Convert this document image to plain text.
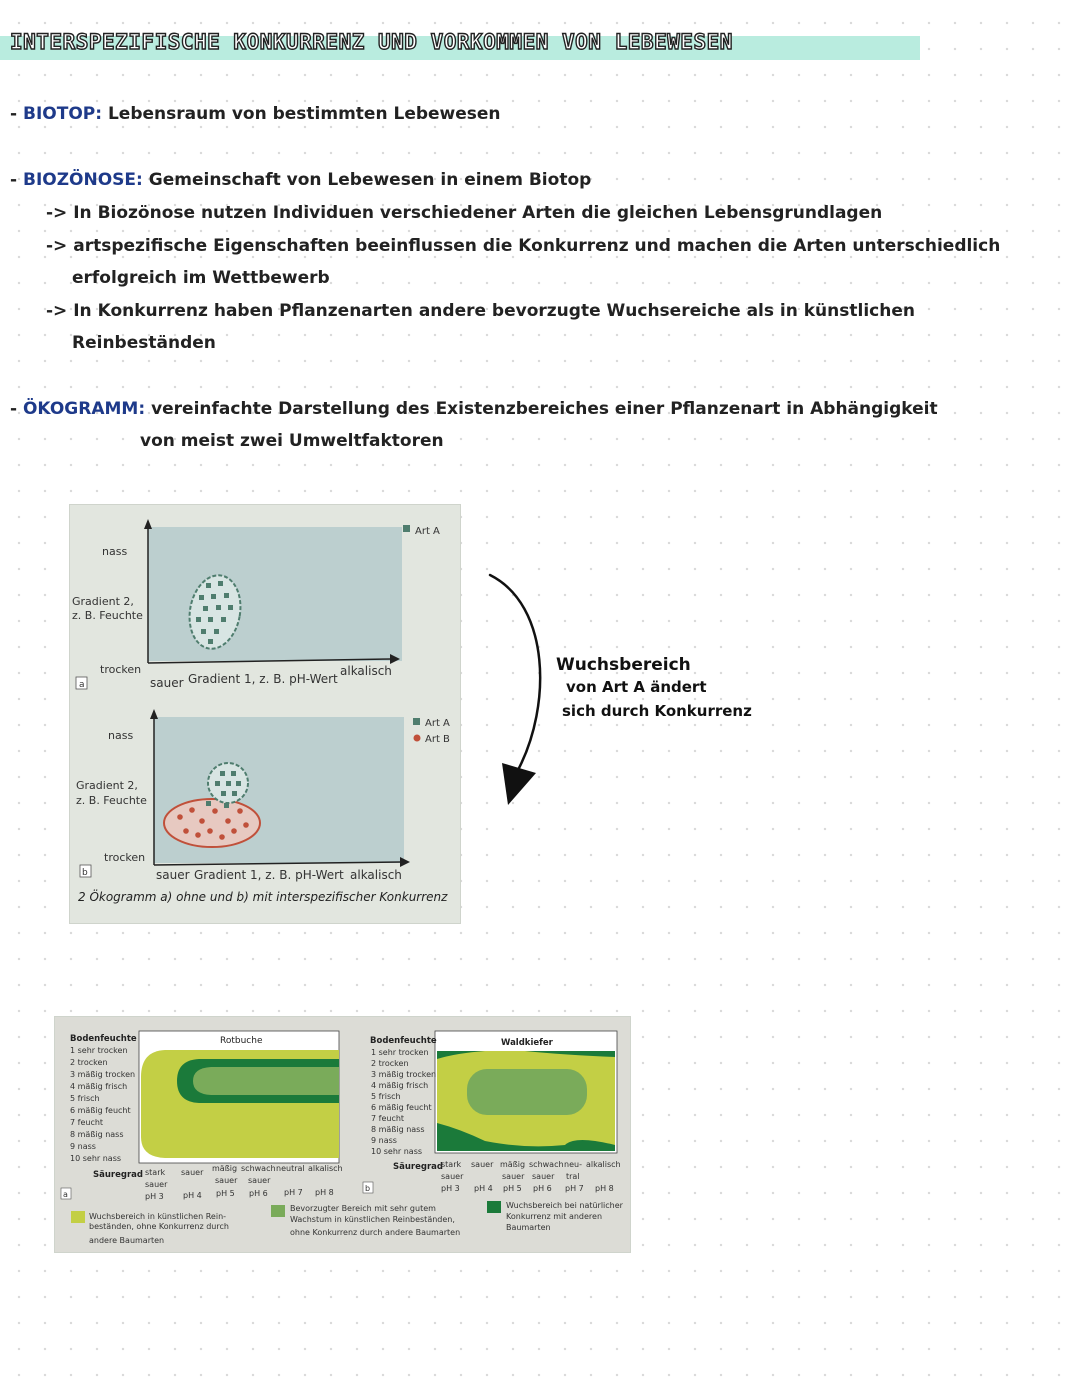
INTERSPEZIFISCHE KONKURRENZ UND VORKOMMEN VON LEBEWESEN
- BIOTOP: Lebensraum von bestimmten Lebewesen
- BIOZÖNOSE: Gemeinschaft von Lebewesen in einem Biotop
-> In Biozönose nutzen Individuen verschiedener Arten die gleichen Lebensgrundlagen
-> artspezifische Eigenschaften beeinflussen die Konkurrenz und machen die Arten unterschiedlich
erfolgreich im Wettbewerb
-> In Konkurrenz haben Pflanzenarten andere bevorzugte Wuchsereiche als in künstlichen
Reinbeständen
- ÖKOGRAMM: vereinfachte Darstellung des Existenzbereiches einer Pflanzenart in Abhängigkeit
von meist zwei Umweltfaktoren
Art A
nass
Gradient 2,
z. B. Feuchte
trocken
a	sauer Gradient 1, z. B. pH-Wert
alkalisch
Art A
Art B
nass
Gradient 2,
z. B. Feuchte
trocken
b	sauer Gradient 1, z. B. pH-Wert alkalisch
2 Ökogramm a) ohne und b) mit interspezifischer Konkurrenz
Wuchsbereich
von Art A ändert
sich durch Konkurrenz
Rotbuche
Bodenfeuchte
1 sehr trocken
2 trocken
3 mäßig trocken
4 mäßig frisch
5 frisch
6 mäßig feucht
7 feucht
8 mäßig nass
9 nass
10 sehr nass
Säuregrad stark sauer mäßig schwach neutral alkalisch
sauer	sauer sauer
pH 3 pH 4 pH 5 pH 6 pH 7 pH 8
a
Waldkiefer
Bodenfeuchte
1 sehr trocken
2 trocken
3 mäßig trocken
4 mäßig frisch
5 frisch
6 mäßig feucht
7 feucht
8 mäßig nass
9 nass
10 sehr nass
Säuregrad
stark sauer mäßig schwach neu- alkalisch
sauer	sauer sauer tral
pH 3 pH 4 pH 5 pH 6 pH 7 pH 8
b
Wuchsbereich in künstlichen Rein-
beständen, ohne Konkurrenz durch
andere Baumarten
Bevorzugter Bereich mit sehr gutem
Wachstum in künstlichen Reinbeständen,
ohne Konkurrenz durch andere Baumarten
Wuchsbereich bei natürlicher
Konkurrenz mit anderen
Baumarten
